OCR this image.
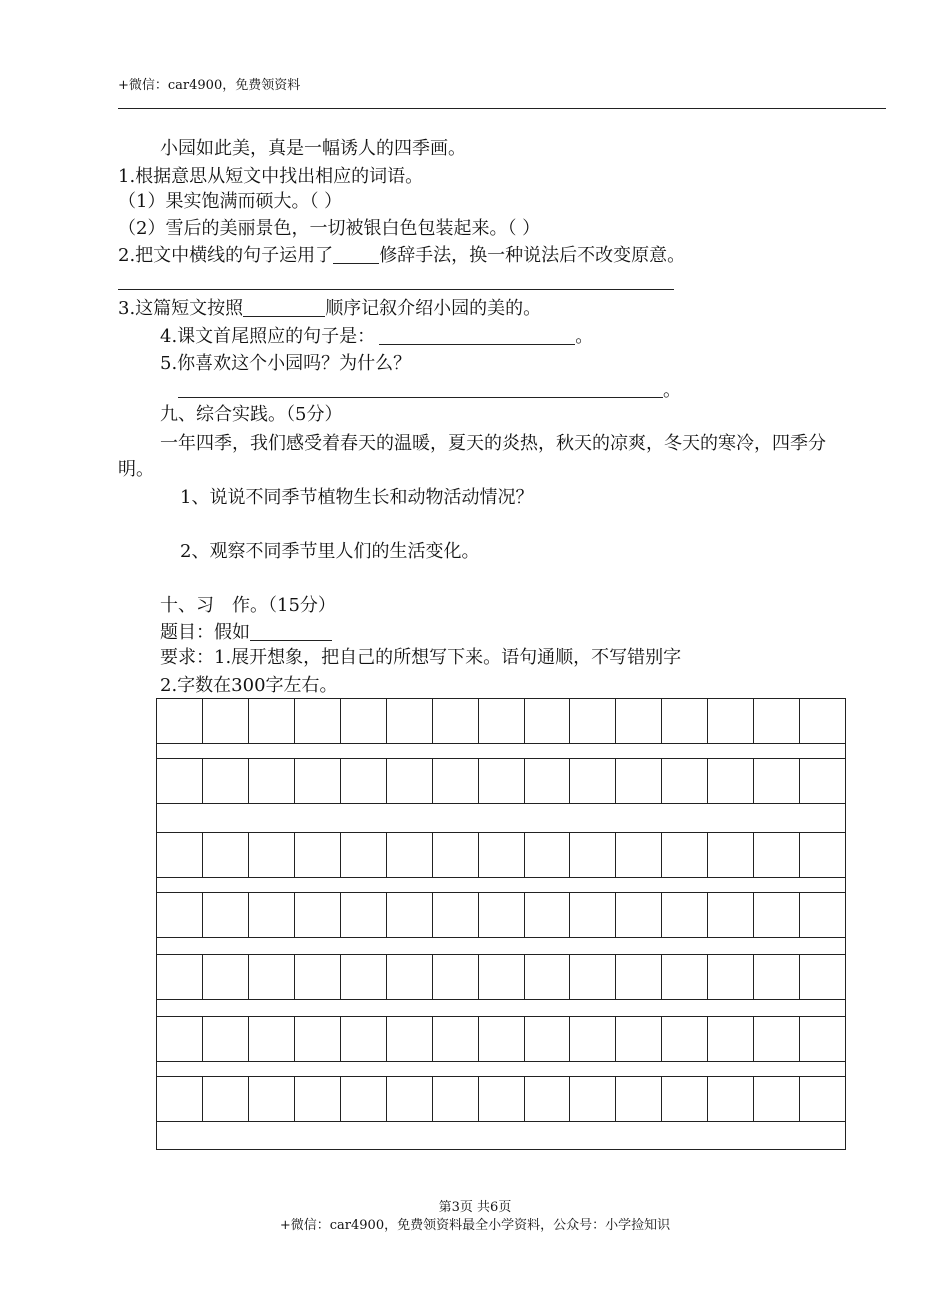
+微信：car4900，免费领资料
小园如此美，真是一幅诱人的四季画。
1.根据意思从短文中找出相应的词语。
（1）果实饱满而硕大。（ ）
（2）雪后的美丽景色，一切被银白色包装起来。（ ）
2.把文中横线的句子运用了	修辞手法，换一种说法后不改变原意。
3.这篇短文按照	顺序记叙介绍小园的美的。
4.课文首尾照应的句子是：	。
5.你喜欢这个小园吗？为什么？
。
九、综合实践。（5分）
一年四季，我们感受着春天的温暖，夏天的炎热，秋天的凉爽，冬天的寒冷，四季分
明。
1、说说不同季节植物生长和动物活动情况？
2、观察不同季节里人们的生活变化。
十、习　作。（15分）
题目：假如
要求：1.展开想象，把自己的所想写下来。语句通顺，不写错别字
2.字数在300字左右。
第3页 共6页
+微信：car4900，免费领资料最全小学资料，公众号：小学捡知识
